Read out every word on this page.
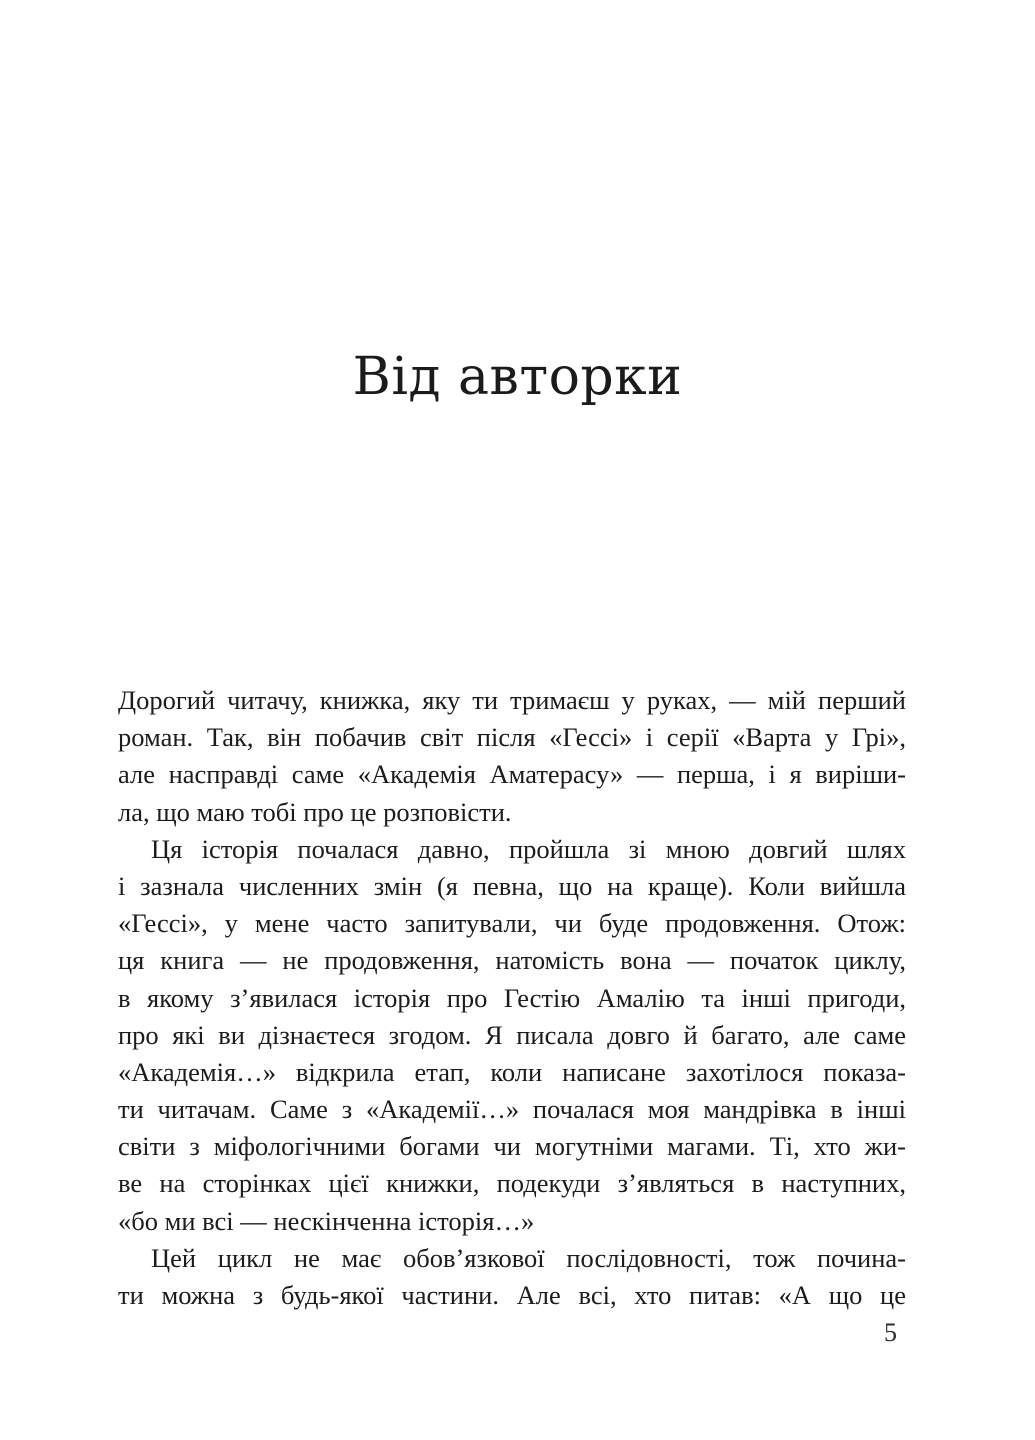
Від авторки
Дорогий читачу, книжка, яку ти тримаєш у руках, — мій перший
роман. Так, він побачив світ після «Гессі» і серії «Варта у Грі»,
але насправді саме «Академія Аматерасу» — перша, і я виріши-
ла, що маю тобі про це розповісти.
Ця історія почалася давно, пройшла зі мною довгий шлях
і зазнала численних змін (я певна, що на краще). Коли вийшла
«Гессі», у мене часто запитували, чи буде продовження. Отож:
ця книга — не продовження, натомість вона — початок циклу,
в якому з’явилася історія про Гестію Амалію та інші пригоди,
про які ви дізнаєтеся згодом. Я писала довго й багато, але саме
«Академія…» відкрила етап, коли написане захотілося показа-
ти читачам. Саме з «Академії…» почалася моя мандрівка в інші
світи з міфологічними богами чи могутніми магами. Ті, хто жи-
ве на сторінках цієї книжки, подекуди з’являться в наступних,
«бо ми всі — нескінченна історія…»
Цей цикл не має обов’язкової послідовності, тож почина-
ти можна з будь-якої частини. Але всі, хто питав: «А що це
5
